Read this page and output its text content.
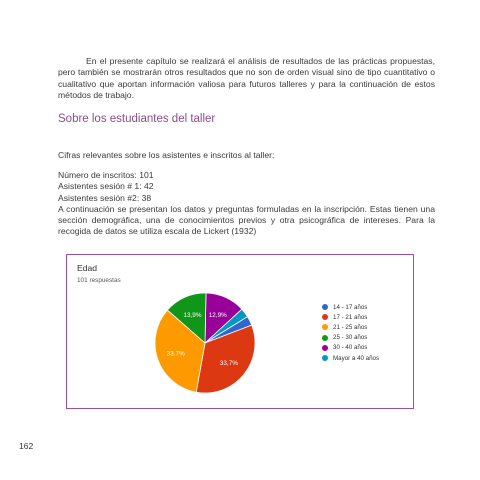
En el presente capítulo se realizará el análisis de resultados de las prácticas propuestas, pero también se mostrarán otros resultados que no son de orden visual sino de tipo cuantitativo o cualitativo que aportan información valiosa para futuros talleres y para la continuación de estos métodos de trabajo.

Sobre los estudiantes del taller

Cifras relevantes sobre los asistentes e inscritos al taller:

Número de inscritos: 101
Asistentes sesión # 1: 42
Asistentes sesión #2: 38
A continuación se presentan los datos y preguntas formuladas en la inscripción. Estas tienen una sección demográfica, una de conocimientos previos y otra psicográfica de intereses. Para la recogida de datos se utiliza escala de Lickert (1932)
Edad
101 respuestas
12,9%
33,7%
33,7%
13,9%
14 - 17 años
17 - 21 años
21 - 25 años
25 - 30 años
30 - 40 años
Mayor a 40 años
162
